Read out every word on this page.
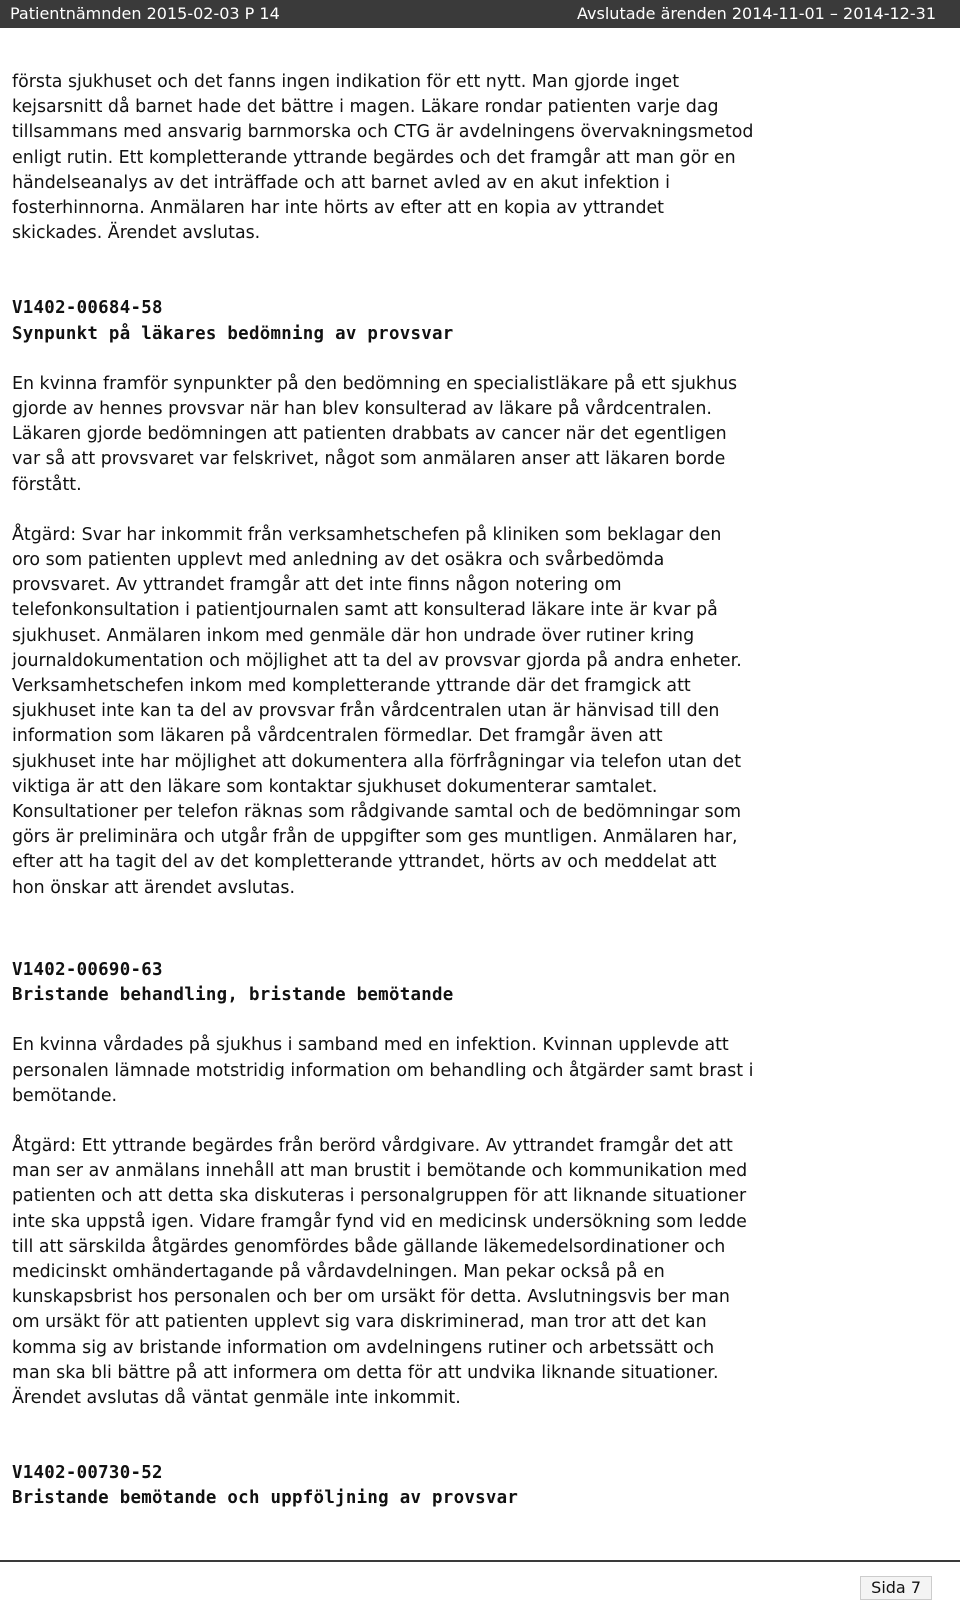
Patientnämnden 2015-02-03 P 14	Avslutade ärenden 2014-11-01 – 2014-12-31

första sjukhuset och det fanns ingen indikation för ett nytt. Man gjorde inget
kejsarsnitt då barnet hade det bättre i magen. Läkare rondar patienten varje dag
tillsammans med ansvarig barnmorska och CTG är avdelningens övervakningsmetod
enligt rutin. Ett kompletterande yttrande begärdes och det framgår att man gör en
händelseanalys av det inträffade och att barnet avled av en akut infektion i
fosterhinnorna. Anmälaren har inte hörts av efter att en kopia av yttrandet
skickades. Ärendet avslutas.

V1402-00684-58

Synpunkt på läkares bedömning av provsvar

En kvinna framför synpunkter på den bedömning en specialistläkare på ett sjukhus
gjorde av hennes provsvar när han blev konsulterad av läkare på vårdcentralen.
Läkaren gjorde bedömningen att patienten drabbats av cancer när det egentligen
var så att provsvaret var felskrivet, något som anmälaren anser att läkaren borde
förstått.

Åtgärd: Svar har inkommit från verksamhetschefen på kliniken som beklagar den
oro som patienten upplevt med anledning av det osäkra och svårbedömda
provsvaret. Av yttrandet framgår att det inte finns någon notering om
telefonkonsultation i patientjournalen samt att konsulterad läkare inte är kvar på
sjukhuset. Anmälaren inkom med genmäle där hon undrade över rutiner kring
journaldokumentation och möjlighet att ta del av provsvar gjorda på andra enheter.
Verksamhetschefen inkom med kompletterande yttrande där det framgick att
sjukhuset inte kan ta del av provsvar från vårdcentralen utan är hänvisad till den
information som läkaren på vårdcentralen förmedlar. Det framgår även att
sjukhuset inte har möjlighet att dokumentera alla förfrågningar via telefon utan det
viktiga är att den läkare som kontaktar sjukhuset dokumenterar samtalet.
Konsultationer per telefon räknas som rådgivande samtal och de bedömningar som
görs är preliminära och utgår från de uppgifter som ges muntligen. Anmälaren har,
efter att ha tagit del av det kompletterande yttrandet, hörts av och meddelat att
hon önskar att ärendet avslutas.

V1402-00690-63

Bristande behandling, bristande bemötande

En kvinna vårdades på sjukhus i samband med en infektion. Kvinnan upplevde att
personalen lämnade motstridig information om behandling och åtgärder samt brast i
bemötande.

Åtgärd: Ett yttrande begärdes från berörd vårdgivare. Av yttrandet framgår det att
man ser av anmälans innehåll att man brustit i bemötande och kommunikation med
patienten och att detta ska diskuteras i personalgruppen för att liknande situationer
inte ska uppstå igen. Vidare framgår fynd vid en medicinsk undersökning som ledde
till att särskilda åtgärdes genomfördes både gällande läkemedelsordinationer och
medicinskt omhändertagande på vårdavdelningen. Man pekar också på en
kunskapsbrist hos personalen och ber om ursäkt för detta. Avslutningsvis ber man
om ursäkt för att patienten upplevt sig vara diskriminerad, man tror att det kan
komma sig av bristande information om avdelningens rutiner och arbetssätt och
man ska bli bättre på att informera om detta för att undvika liknande situationer.
Ärendet avslutas då väntat genmäle inte inkommit.

V1402-00730-52

Bristande bemötande och uppföljning av provsvar

Sida 7
